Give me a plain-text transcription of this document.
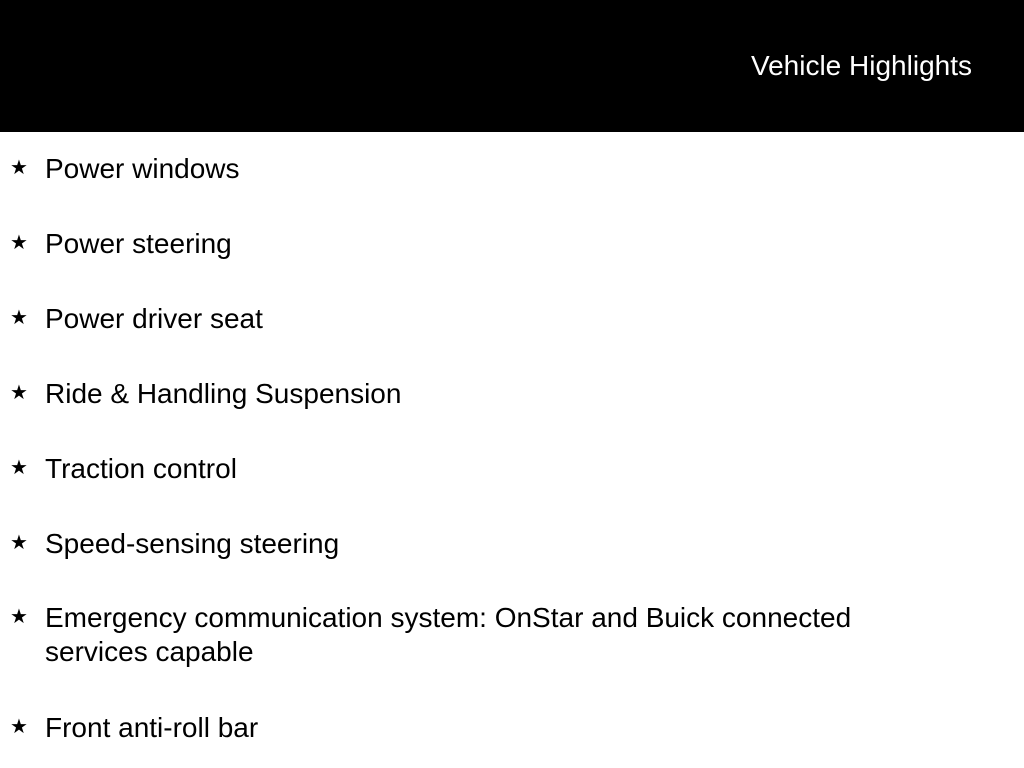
Vehicle Highlights
★ Power windows
★ Power steering
★ Power driver seat
★ Ride & Handling Suspension
★ Traction control
★ Speed-sensing steering
★ Emergency communication system: OnStar and Buick connected services capable
★ Front anti-roll bar
